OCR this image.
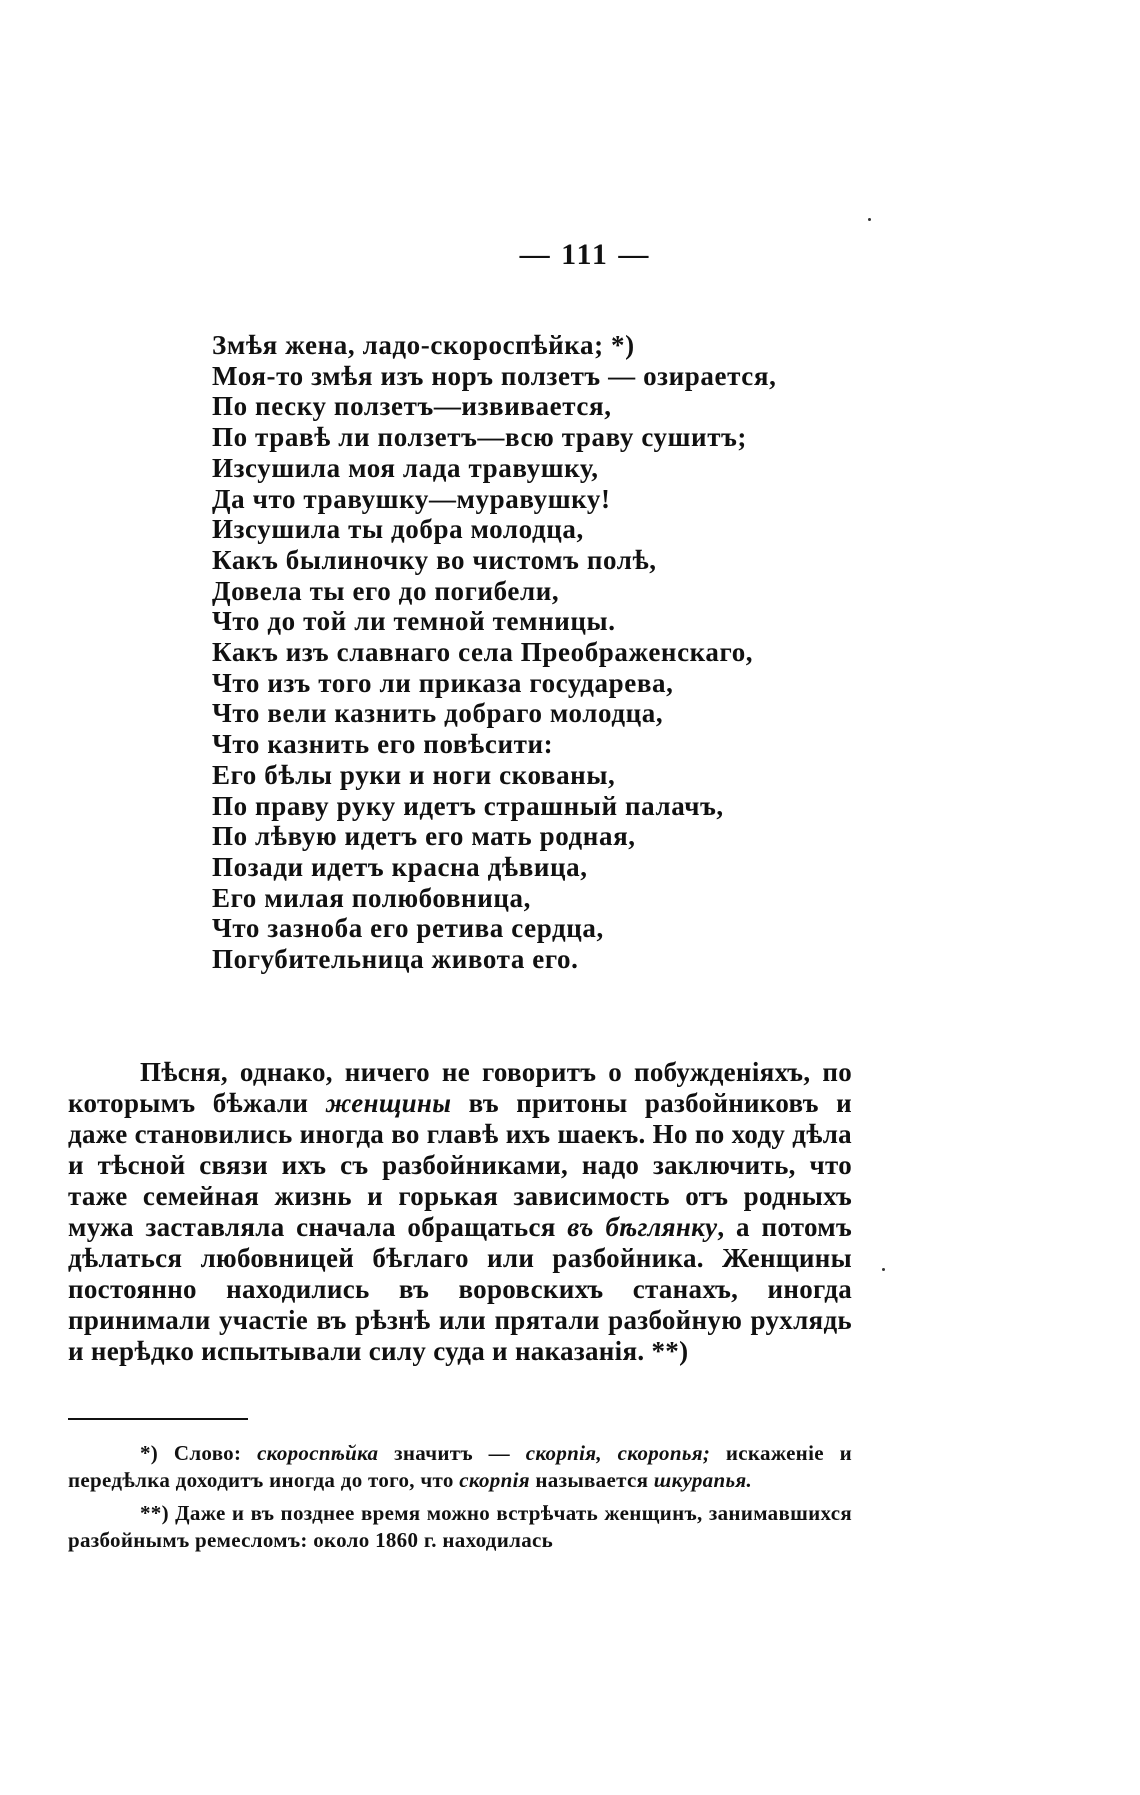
— 111 —
Змѣя жена, ладо-скороспѣйка; *)
Моя-то змѣя изъ норъ ползетъ — озирается,
По песку ползетъ—извивается,
По травѣ ли ползетъ—всю траву сушитъ;
Изсушила моя лада травушку,
Да что травушку—муравушку!
Изсушила ты добра молодца,
Какъ былиночку во чистомъ полѣ,
Довела ты его до погибели,
Что до той ли темной темницы.
Какъ изъ славнаго села Преображенскаго,
Что изъ того ли приказа государева,
Что вели казнить добраго молодца,
Что казнить его повѣсити:
Его бѣлы руки и ноги скованы,
По праву руку идетъ страшный палачъ,
По лѣвую идетъ его мать родная,
Позади идетъ красна дѣвица,
Его милая полюбовница,
Что зазноба его ретива сердца,
Погубительница живота его.

Пѣсня, однако, ничего не говоритъ о побужденіяхъ, по которымъ бѣжали женщины въ притоны разбойниковъ и даже становились иногда во главѣ ихъ шаекъ. Но по ходу дѣла и тѣсной связи ихъ съ разбойниками, надо заключить, что таже семейная жизнь и горькая зависимость отъ родныхъ мужа заставляла сначала обращаться въ бѣглянку, а потомъ дѣлаться любовницей бѣглаго или разбойника. Женщины постоянно находились въ воровскихъ станахъ, иногда принимали участіе въ рѣзнѣ или прятали разбойную рухлядь и нерѣдко испытывали силу суда и наказанія. **)

*) Слово: скороспѣйка значитъ — скорпія, скоропья; искаженіе и передѣлка доходитъ иногда до того, что скорпія называется шкурапья.

**) Даже и въ позднее время можно встрѣчать женщинъ, занимавшихся разбойнымъ ремесломъ: около 1860 г. находилась
